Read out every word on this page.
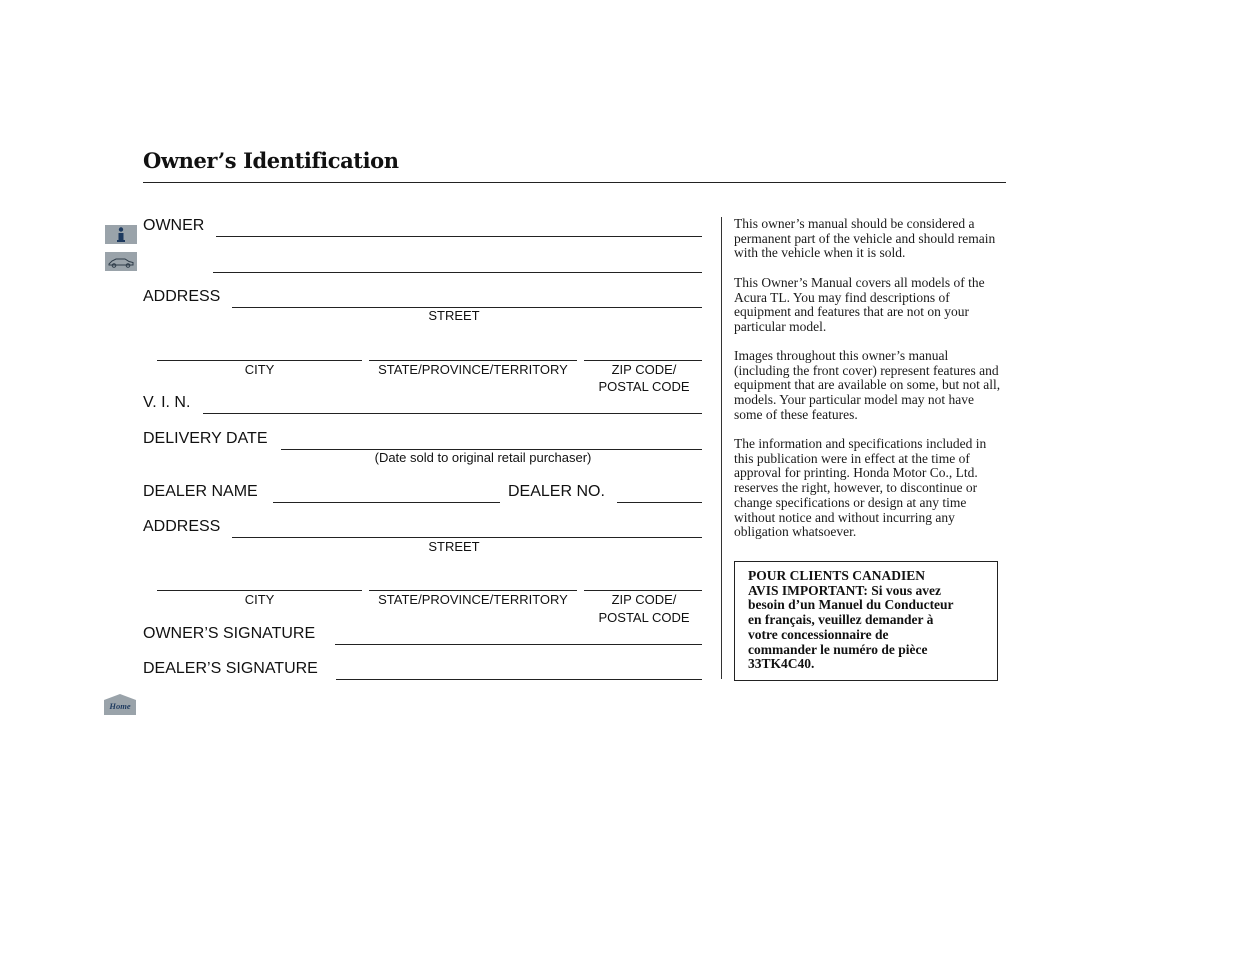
Owner’s Identification
Home
OWNER
ADDRESS
STREET
CITY	STATE/PROVINCE/TERRITORY	ZIP CODE/
POSTAL CODE
V. I. N.
DELIVERY DATE
(Date sold to original retail purchaser)
DEALER NAME	DEALER NO.
ADDRESS
STREET
CITY	STATE/PROVINCE/TERRITORY	ZIP CODE/
POSTAL CODE
OWNER’S SIGNATURE
DEALER’S SIGNATURE
This owner’s manual should be considered a permanent part of the vehicle and should remain with the vehicle when it is sold.
This Owner’s Manual covers all models of the Acura TL. You may find descriptions of equipment and features that are not on your particular model.
Images throughout this owner’s manual (including the front cover) represent features and equipment that are available on some, but not all, models. Your particular model may not have some of these features.
The information and specifications included in this publication were in effect at the time of approval for printing. Honda Motor Co., Ltd. reserves the right, however, to discontinue or change specifications or design at any time without notice and without incurring any obligation whatsoever.
POUR CLIENTS CANADIEN
AVIS IMPORTANT: Si vous avez
besoin d’un Manuel du Conducteur
en français, veuillez demander à
votre concessionnaire de
commander le numéro de pièce
33TK4C40.
